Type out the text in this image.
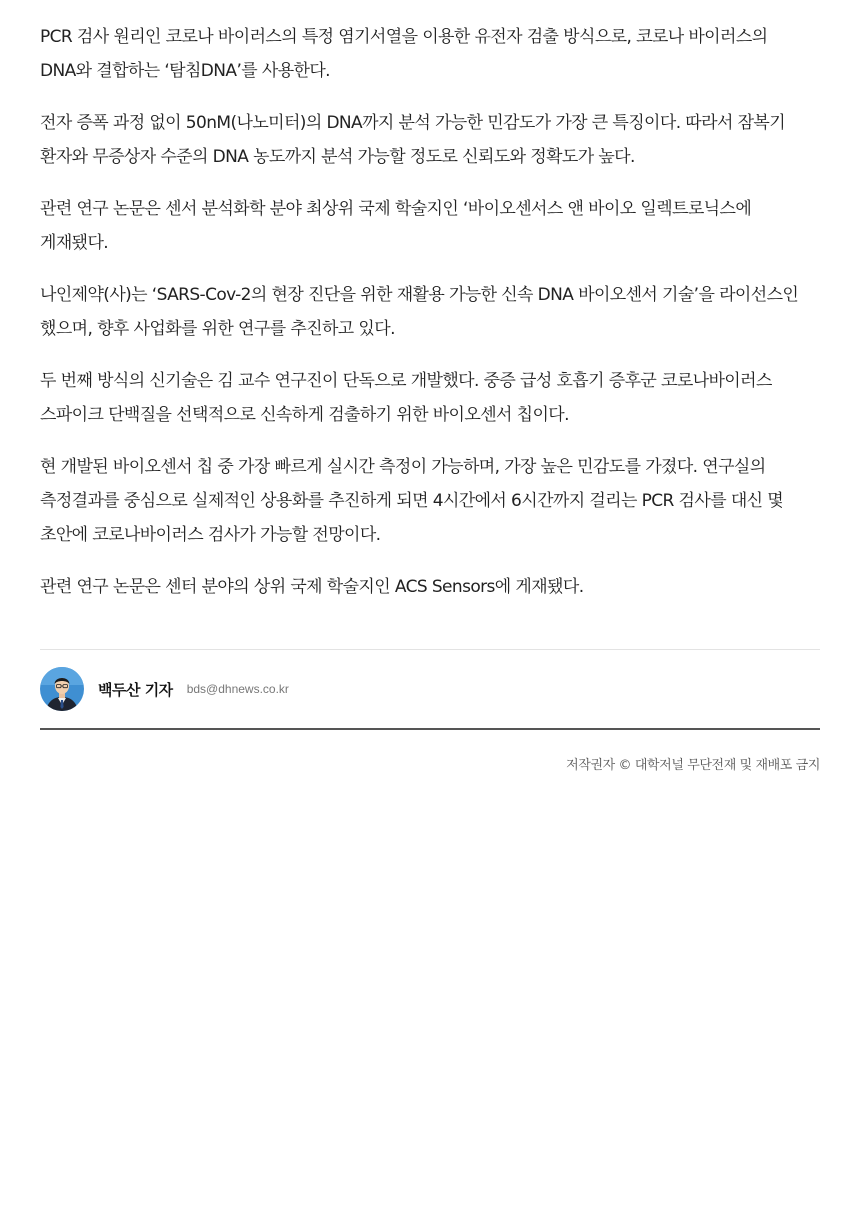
PCR 검사 원리인 코로나 바이러스의 특정 염기서열을 이용한 유전자 검출 방식으로, 코로나 바이러스의 DNA와 결합하는 ‘탐침DNA’를 사용한다.

전자 증폭 과정 없이 50nM(나노미터)의 DNA까지 분석 가능한 민감도가 가장 큰 특징이다. 따라서 잠복기 환자와 무증상자 수준의 DNA 농도까지 분석 가능할 정도로 신뢰도와 정확도가 높다.

관련 연구 논문은 센서 분석화학 분야 최상위 국제 학술지인 ‘바이오센서스 앤 바이오 일렉트로닉스에 게재됐다.

나인제약(사)는 ‘SARS-Cov-2의 현장 진단을 위한 재활용 가능한 신속 DNA 바이오센서 기술’을 라이선스인 했으며, 향후 사업화를 위한 연구를 추진하고 있다.

두 번째 방식의 신기술은 김 교수 연구진이 단독으로 개발했다. 중증 급성 호흡기 증후군 코로나바이러스 스파이크 단백질을 선택적으로 신속하게 검출하기 위한 바이오센서 칩이다.

현 개발된 바이오센서 칩 중 가장 빠르게 실시간 측정이 가능하며, 가장 높은 민감도를 가졌다. 연구실의 측정결과를 중심으로 실제적인 상용화를 추진하게 되면 4시간에서 6시간까지 걸리는 PCR 검사를 대신 몇 초안에 코로나바이러스 검사가 가능할 전망이다.

관련 연구 논문은 센터 분야의 상위 국제 학술지인 ACS Sensors에 게재됐다.

백두산 기자 bds@dhnews.co.kr
저작권자 © 대학저널 무단전재 및 재배포 금지
